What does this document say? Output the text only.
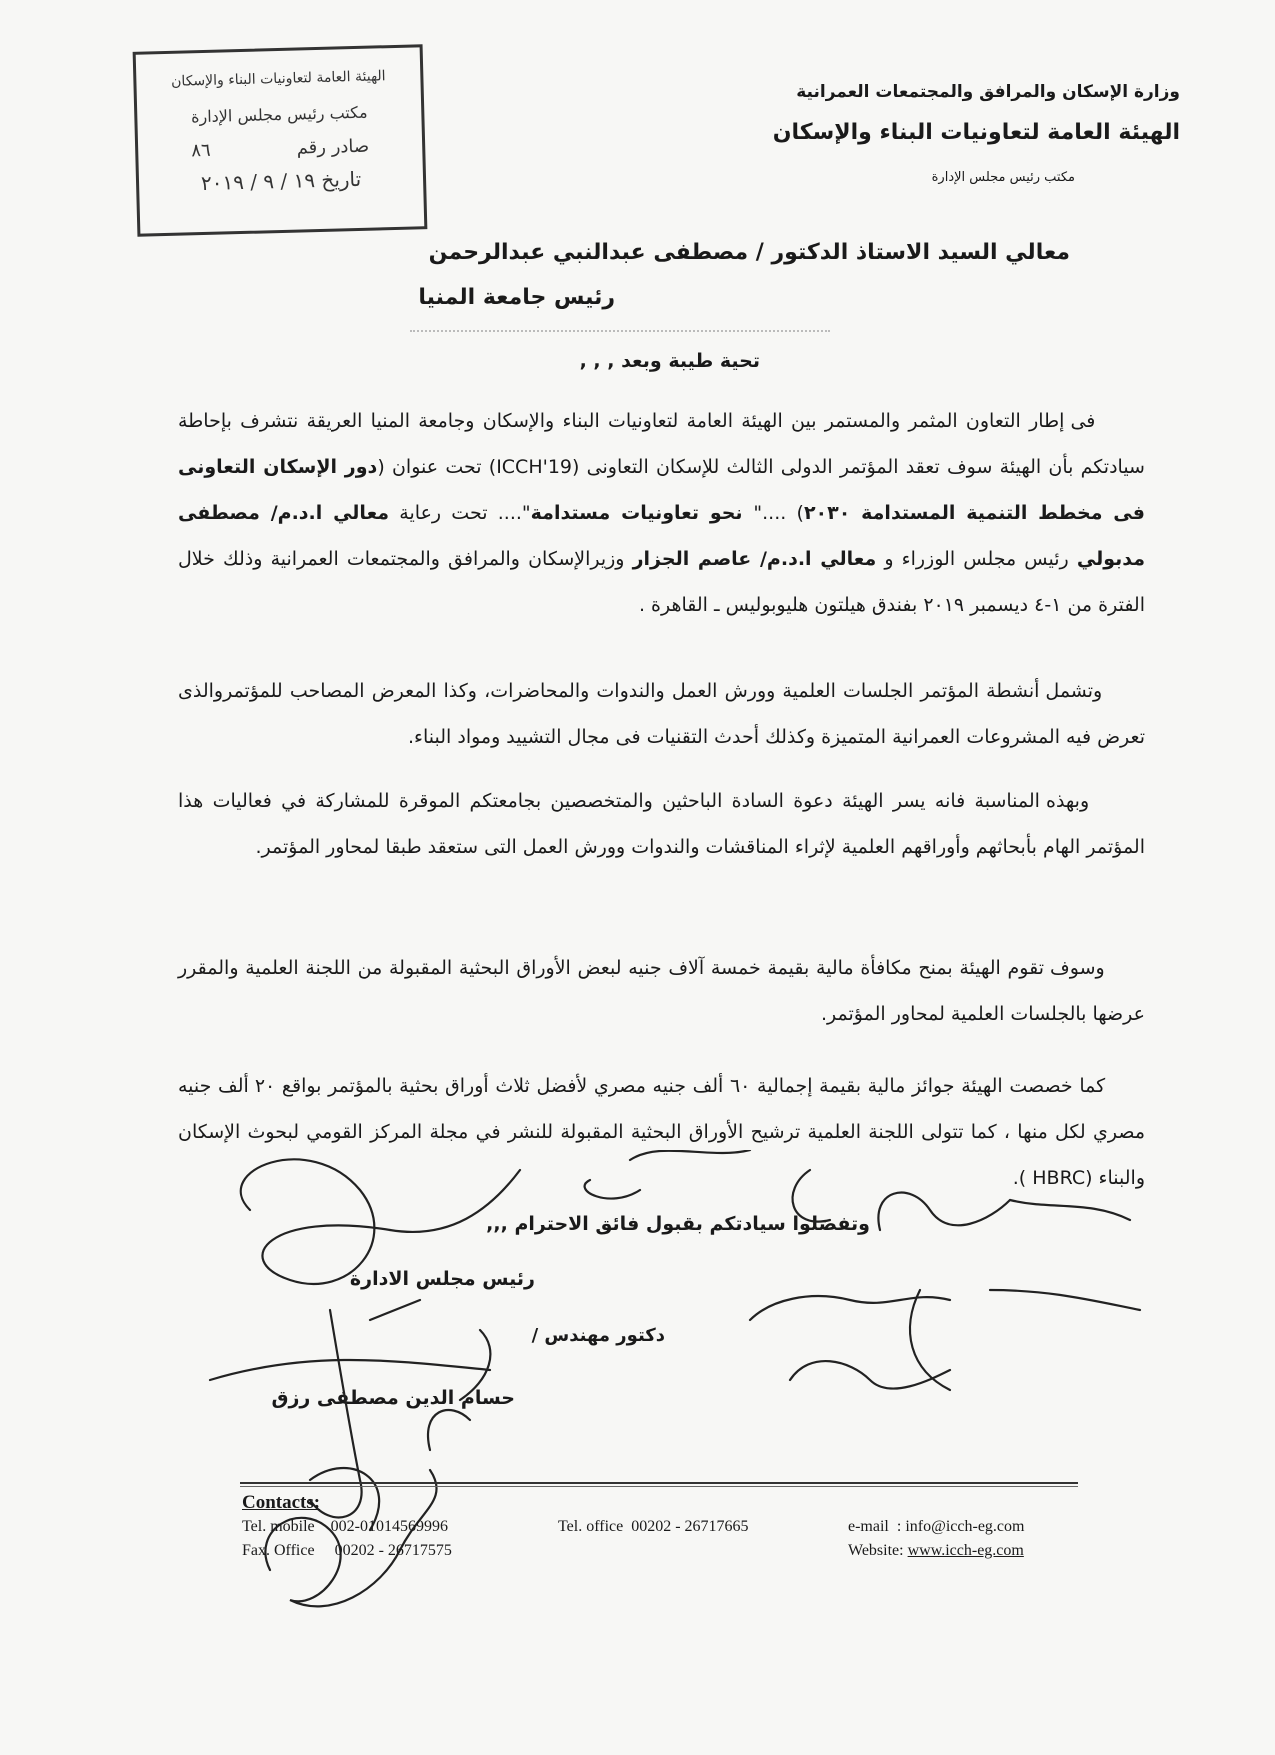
وزارة الإسكان والمرافق والمجتمعات العمرانية
الهيئة العامة لتعاونيات البناء والإسكان
مكتب رئيس مجلس الإدارة
الهيئة العامة لتعاونيات البناء والإسكان
مكتب رئيس مجلس الإدارة
صادر رقم
٨٦
تاريخ ١٩ / ٩ / ٢٠١٩
معالي السيد الاستاذ الدكتور / مصطفى عبدالنبي عبدالرحمن
رئيس جامعة المنيا
تحية طيبة وبعد , , ,
فى إطار التعاون المثمر والمستمر بين الهيئة العامة لتعاونيات البناء والإسكان وجامعة المنيا العريقة نتشرف بإحاطة سيادتكم بأن الهيئة سوف تعقد المؤتمر الدولى الثالث للإسكان التعاونى (ICCH'19) تحت عنوان (دور الإسكان التعاونى فى مخطط التنمية المستدامة ٢٠٣٠) ...." نحو تعاونيات مستدامة".... تحت رعاية معالي ا.د.م/ مصطفى مدبولي رئيس مجلس الوزراء و معالي ا.د.م/ عاصم الجزار وزيرالإسكان والمرافق والمجتمعات العمرانية وذلك خلال الفترة من ١-٤ ديسمبر ٢٠١٩ بفندق هيلتون هليوبوليس ـ القاهرة .
وتشمل أنشطة المؤتمر الجلسات العلمية وورش العمل والندوات والمحاضرات، وكذا المعرض المصاحب للمؤتمروالذى تعرض فيه المشروعات العمرانية المتميزة وكذلك أحدث التقنيات فى مجال التشييد ومواد البناء.
وبهذه المناسبة فانه يسر الهيئة دعوة السادة الباحثين والمتخصصين بجامعتكم الموقرة للمشاركة في فعاليات هذا المؤتمر الهام بأبحاثهم وأوراقهم العلمية لإثراء المناقشات والندوات وورش العمل التى ستعقد طبقا لمحاور المؤتمر.
وسوف تقوم الهيئة بمنح مكافأة مالية بقيمة خمسة آلاف جنيه لبعض الأوراق البحثية المقبولة من اللجنة العلمية والمقرر عرضها بالجلسات العلمية لمحاور المؤتمر.
كما خصصت الهيئة جوائز مالية بقيمة إجمالية ٦٠ ألف جنيه مصري لأفضل ثلاث أوراق بحثية بالمؤتمر بواقع ٢٠ ألف جنيه مصري لكل منها ، كما تتولى اللجنة العلمية ترشيح الأوراق البحثية المقبولة للنشر في مجلة المركز القومي لبحوث الإسكان والبناء (HBRC ).
وتفضلوا سيادتكم بقبول فائق الاحترام ,,,
رئيس مجلس الادارة
دكتور مهندس /
حسام الدين مصطفى رزق
Contacts:
Tel. mobile 002-01014569996
Fax. Office 00202 - 26717575
Tel. office 00202 - 26717665	e-mail  : info@icch-eg.com
Website: www.icch-eg.com
